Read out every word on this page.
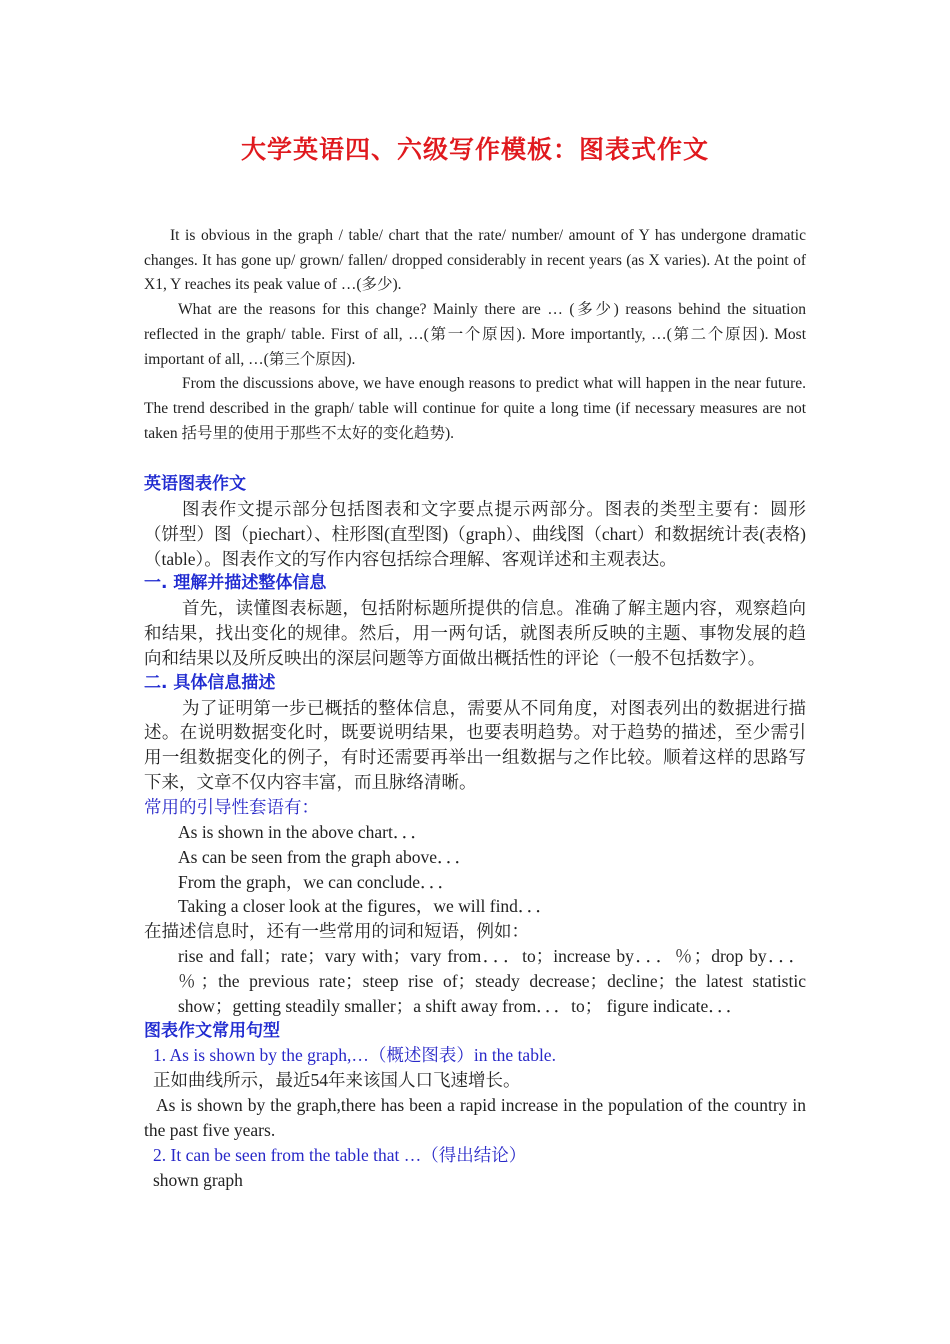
大学英语四、六级写作模板：图表式作文

It is obvious in the graph / table/ chart that the rate/ number/ amount of Y has undergone dramatic changes. It has gone up/ grown/ fallen/ dropped considerably in recent years (as X varies). At the point of X1, Y reaches its peak value of …(多少).

What are the reasons for this change? Mainly there are … (多少) reasons behind the situation reflected in the graph/ table. First of all, …(第一个原因). More importantly, …(第二个原因). Most important of all, …(第三个原因).

From the discussions above, we have enough reasons to predict what will happen in the near future. The trend described in the graph/ table will continue for quite a long time (if necessary measures are not taken 括号里的使用于那些不太好的变化趋势).

英语图表作文

图表作文提示部分包括图表和文字要点提示两部分。图表的类型主要有：圆形（饼型）图（piechart）、柱形图(直型图)（graph）、曲线图（chart）和数据统计表(表格)（table）。图表作文的写作内容包括综合理解、客观详述和主观表达。

一. 理解并描述整体信息

首先，读懂图表标题，包括附标题所提供的信息。准确了解主题内容，观察趋向和结果，找出变化的规律。然后，用一两句话，就图表所反映的主题、事物发展的趋向和结果以及所反映出的深层问题等方面做出概括性的评论（一般不包括数字）。

二. 具体信息描述

为了证明第一步已概括的整体信息，需要从不同角度，对图表列出的数据进行描述。在说明数据变化时，既要说明结果，也要表明趋势。对于趋势的描述，至少需引用一组数据变化的例子，有时还需要再举出一组数据与之作比较。顺着这样的思路写下来，文章不仅内容丰富，而且脉络清晰。

常用的引导性套语有：

As is shown in the above chart．．．

As can be seen from the graph above．．．

From the graph，we can conclude．．．

Taking a closer look at the figures，we will find．．．

在描述信息时，还有一些常用的词和短语，例如：

rise and fall；rate；vary with；vary from．．．to；increase by．．．％；drop by．．．％；the previous rate；steep rise of；steady decrease；decline；the latest statistic show；getting steadily smaller；a shift away from．．．to； figure indicate．．．

图表作文常用句型

1. As is shown by the graph,…（概述图表）in the table.

正如曲线所示，最近54年来该国人口飞速增长。

As is shown by the graph,there has been a rapid increase in the population of the country in the past five years.

2. It can be seen from the table that …（得出结论）

shown graph
